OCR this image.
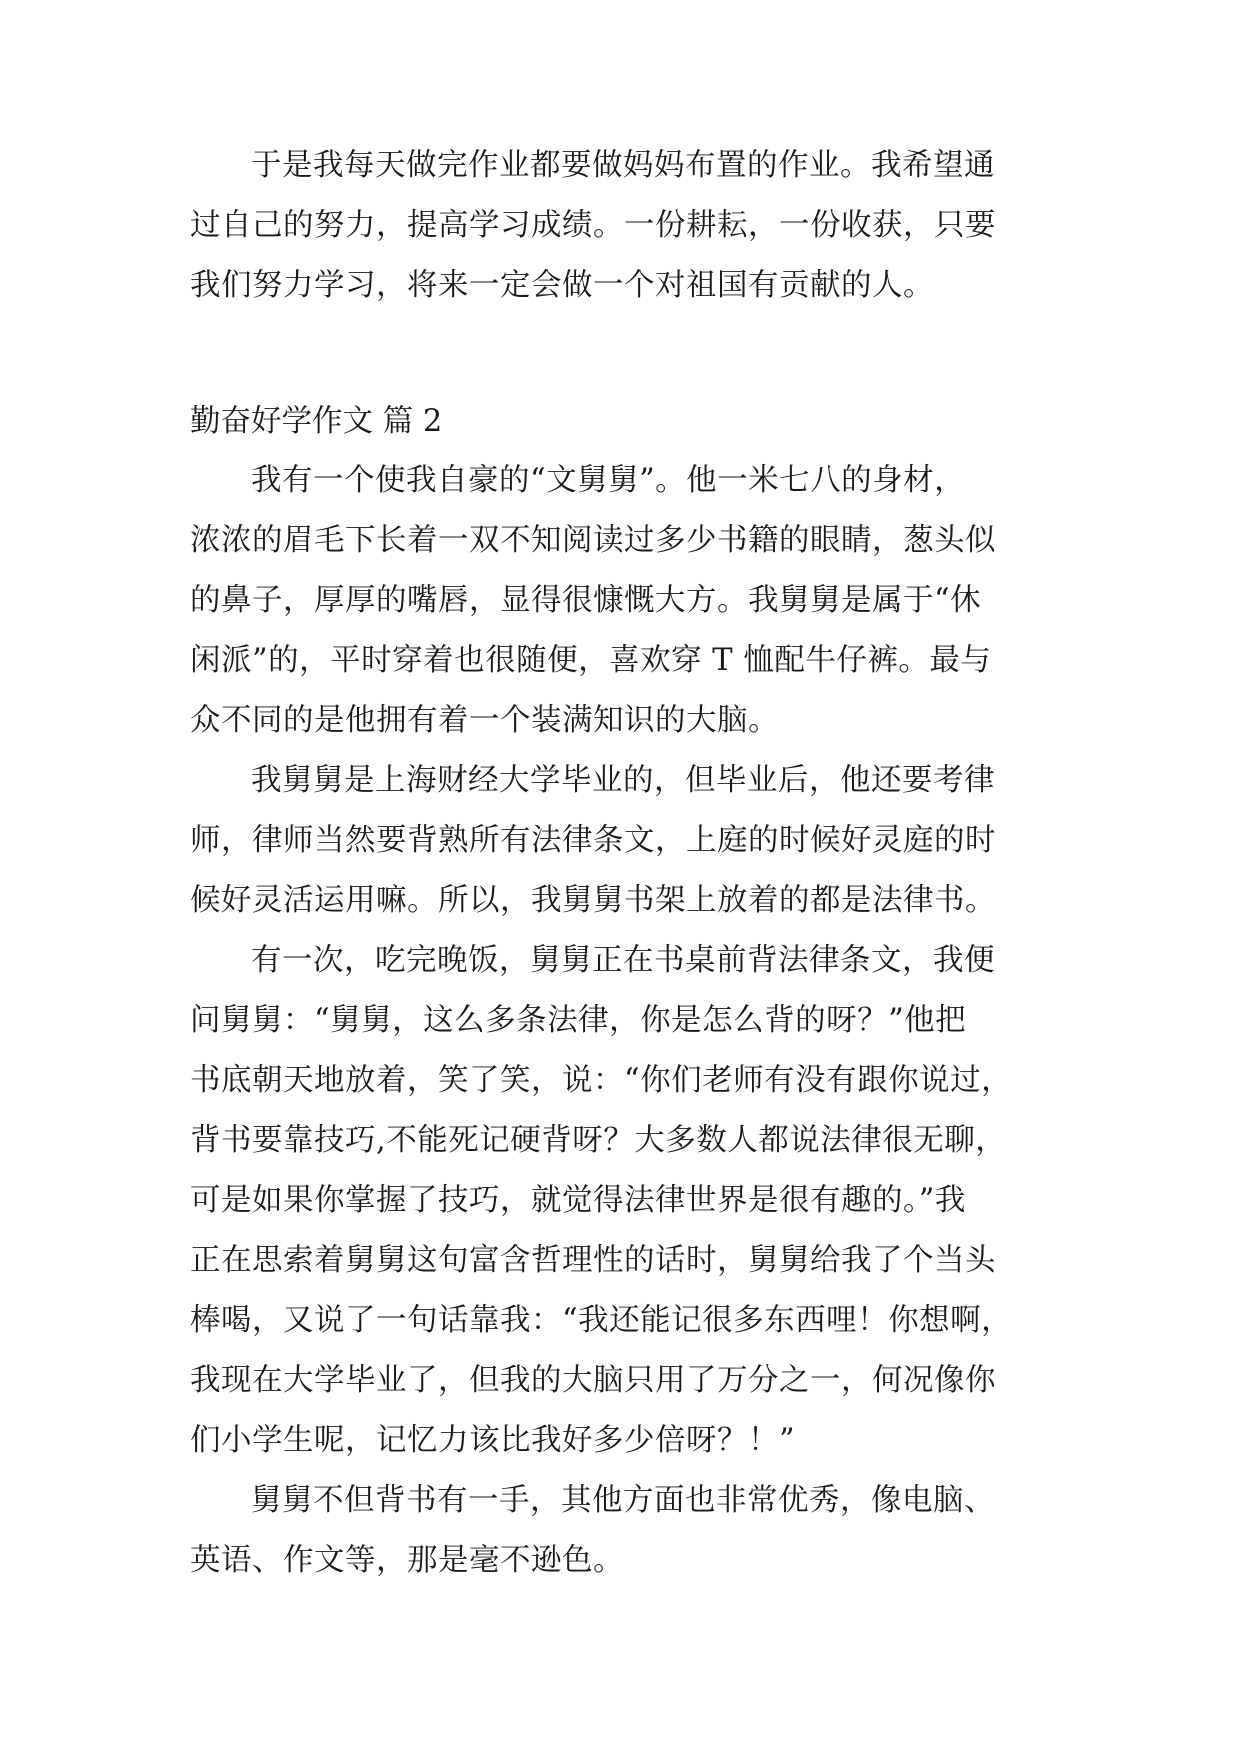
于是我每天做完作业都要做妈妈布置的作业。我希望通
过自己的努力，提高学习成绩。一份耕耘，一份收获，只要
我们努力学习，将来一定会做一个对祖国有贡献的人。
勤奋好学作文 篇 2
我有一个使我自豪的“文舅舅”。他一米七八的身材，
浓浓的眉毛下长着一双不知阅读过多少书籍的眼睛，葱头似
的鼻子，厚厚的嘴唇，显得很慷慨大方。我舅舅是属于“休
闲派”的，平时穿着也很随便，喜欢穿 T 恤配牛仔裤。最与
众不同的是他拥有着一个装满知识的大脑。
我舅舅是上海财经大学毕业的，但毕业后，他还要考律
师，律师当然要背熟所有法律条文，上庭的时候好灵庭的时
候好灵活运用嘛。所以，我舅舅书架上放着的都是法律书。
有一次，吃完晚饭，舅舅正在书桌前背法律条文，我便
问舅舅：“舅舅，这么多条法律，你是怎么背的呀？”他把
书底朝天地放着，笑了笑，说：“你们老师有没有跟你说过，
背书要靠技巧,不能死记硬背呀？大多数人都说法律很无聊，
可是如果你掌握了技巧，就觉得法律世界是很有趣的。”我
正在思索着舅舅这句富含哲理性的话时，舅舅给我了个当头
棒喝，又说了一句话靠我：“我还能记很多东西哩！你想啊，
我现在大学毕业了，但我的大脑只用了万分之一，何况像你
们小学生呢，记忆力该比我好多少倍呀？！”
舅舅不但背书有一手，其他方面也非常优秀，像电脑、
英语、作文等，那是毫不逊色。
